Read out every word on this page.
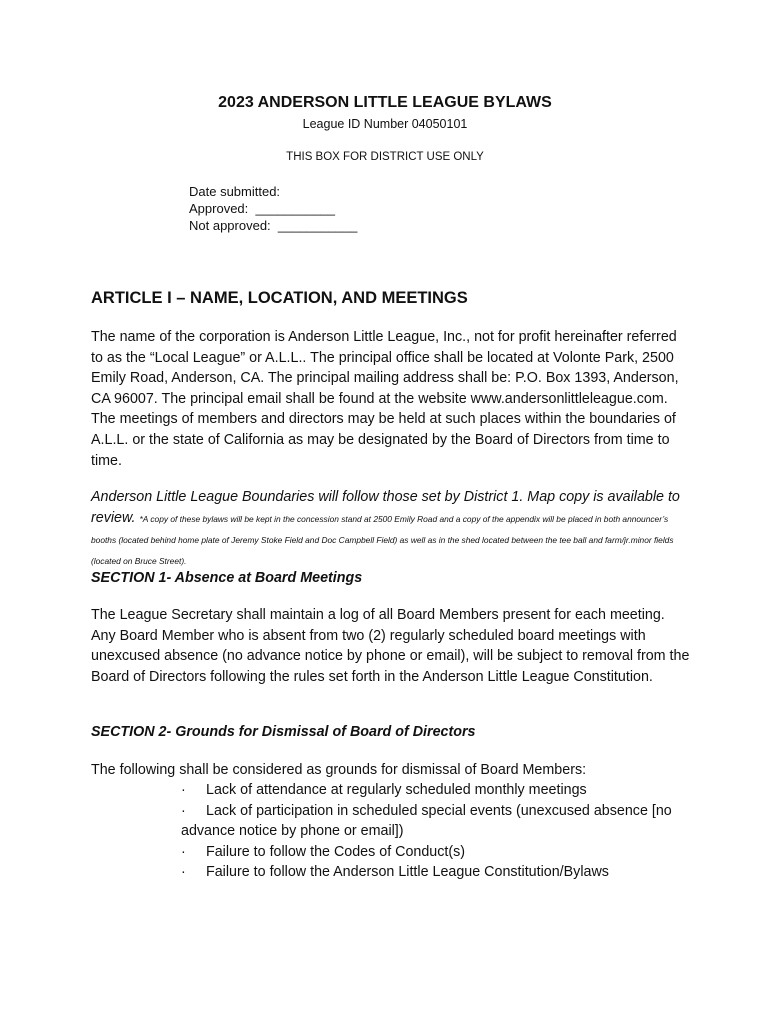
2023 ANDERSON LITTLE LEAGUE BYLAWS
League ID Number 04050101
THIS BOX FOR DISTRICT USE ONLY
Date submitted:
Approved:  ___________
Not approved:  ___________
ARTICLE I – NAME, LOCATION, AND MEETINGS
The name of the corporation is Anderson Little League, Inc., not for profit hereinafter referred to as the “Local League” or A.L.L.. The principal office shall be located at Volonte Park, 2500 Emily Road, Anderson, CA. The principal mailing address shall be: P.O. Box 1393, Anderson, CA 96007. The principal email shall be found at the website www.andersonlittleleague.com. The meetings of members and directors may be held at such places within the boundaries of A.L.L. or the state of California as may be designated by the Board of Directors from time to time.
Anderson Little League Boundaries will follow those set by District 1. Map copy is available to review. *A copy of these bylaws will be kept in the concession stand at 2500 Emily Road and a copy of the appendix will be placed in both announcer’s booths (located behind home plate of Jeremy Stoke Field and Doc Campbell Field) as well as in the shed located between the tee ball and farm/jr.minor fields (located on Bruce Street).
SECTION 1- Absence at Board Meetings
The League Secretary shall maintain a log of all Board Members present for each meeting. Any Board Member who is absent from two (2) regularly scheduled board meetings with unexcused absence (no advance notice by phone or email), will be subject to removal from the Board of Directors following the rules set forth in the Anderson Little League Constitution.
SECTION 2- Grounds for Dismissal of Board of Directors
The following shall be considered as grounds for dismissal of Board Members:
· Lack of attendance at regularly scheduled monthly meetings
· Lack of participation in scheduled special events (unexcused absence [no advance notice by phone or email])
· Failure to follow the Codes of Conduct(s)
· Failure to follow the Anderson Little League Constitution/Bylaws
